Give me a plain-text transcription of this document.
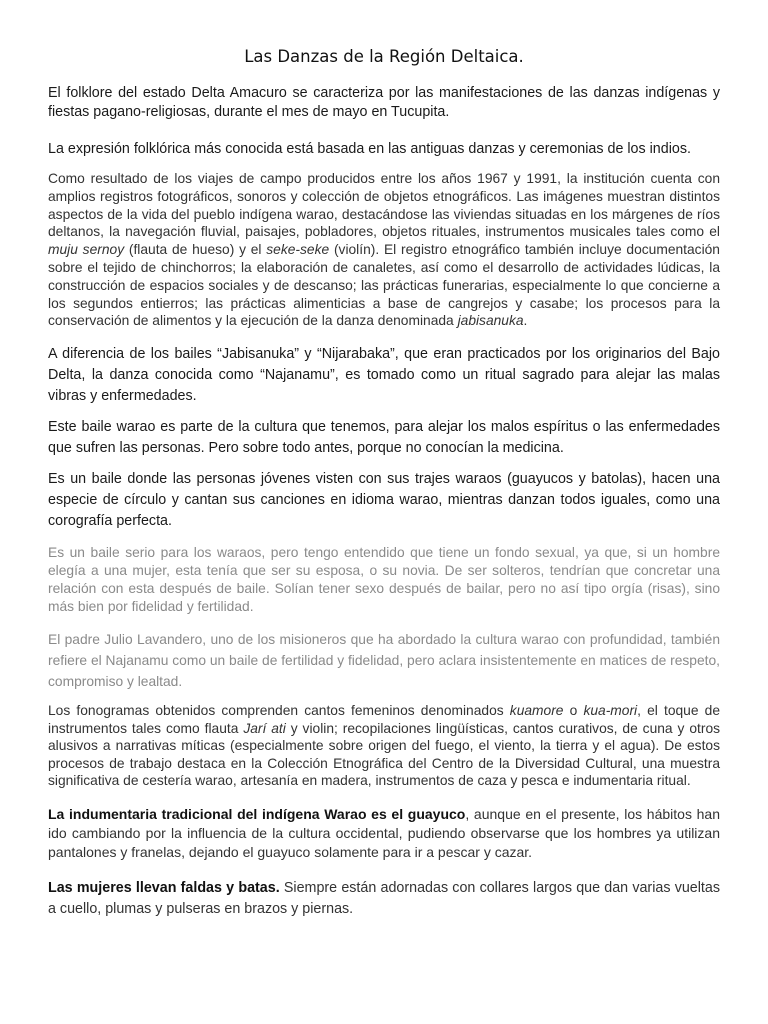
Las Danzas de la Región Deltaica.

El folklore del estado Delta Amacuro se caracteriza por las manifestaciones de las danzas indígenas y fiestas pagano-religiosas, durante el mes de mayo en Tucupita.

La expresión folklórica más conocida está basada en las antiguas danzas y ceremonias de los indios.

Como resultado de los viajes de campo producidos entre los años 1967 y 1991, la institución cuenta con amplios registros fotográficos, sonoros y colección de objetos etnográficos. Las imágenes muestran distintos aspectos de la vida del pueblo indígena warao, destacándose las viviendas situadas en los márgenes de ríos deltanos, la navegación fluvial, paisajes, pobladores, objetos rituales, instrumentos musicales tales como el muju sernoy (flauta de hueso) y el seke-seke (violín). El registro etnográfico también incluye documentación sobre el tejido de chinchorros; la elaboración de canaletes, así como el desarrollo de actividades lúdicas, la construcción de espacios sociales y de descanso; las prácticas funerarias, especialmente lo que concierne a los segundos entierros; las prácticas alimenticias a base de cangrejos y casabe; los procesos para la conservación de alimentos y la ejecución de la danza denominada jabisanuka.

A diferencia de los bailes “Jabisanuka” y “Nijarabaka”, que eran practicados por los originarios del Bajo Delta, la danza conocida como “Najanamu”, es tomado como un ritual sagrado para alejar las malas vibras y enfermedades.

Este baile warao es parte de la cultura que tenemos, para alejar los malos espíritus o las enfermedades que sufren las personas. Pero sobre todo antes, porque no conocían la medicina.

Es un baile donde las personas jóvenes visten con sus trajes waraos (guayucos y batolas), hacen una especie de círculo y cantan sus canciones en idioma warao, mientras danzan todos iguales, como una corografía perfecta.

Es un baile serio para los waraos, pero tengo entendido que tiene un fondo sexual, ya que, si un hombre elegía a una mujer, esta tenía que ser su esposa, o su novia. De ser solteros, tendrían que concretar una relación con esta después de baile. Solían tener sexo después de bailar, pero no así tipo orgía (risas), sino más bien por fidelidad y fertilidad.

El padre Julio Lavandero, uno de los misioneros que ha abordado la cultura warao con profundidad, también refiere el Najanamu como un baile de fertilidad y fidelidad, pero aclara insistentemente en matices de respeto, compromiso y lealtad.

Los fonogramas obtenidos comprenden cantos femeninos denominados kuamore o kua-mori, el toque de instrumentos tales como flauta Jarí ati y violin; recopilaciones lingüísticas, cantos curativos, de cuna y otros alusivos a narrativas míticas (especialmente sobre origen del fuego, el viento, la tierra y el agua). De estos procesos de trabajo destaca en la Colección Etnográfica del Centro de la Diversidad Cultural, una muestra significativa de cestería warao, artesanía en madera, instrumentos de caza y pesca e indumentaria ritual.

La indumentaria tradicional del indígena Warao es el guayuco, aunque en el presente, los hábitos han ido cambiando por la influencia de la cultura occidental, pudiendo observarse que los hombres ya utilizan pantalones y franelas, dejando el guayuco solamente para ir a pescar y cazar.

Las mujeres llevan faldas y batas. Siempre están adornadas con collares largos que dan varias vueltas a cuello, plumas y pulseras en brazos y piernas.
